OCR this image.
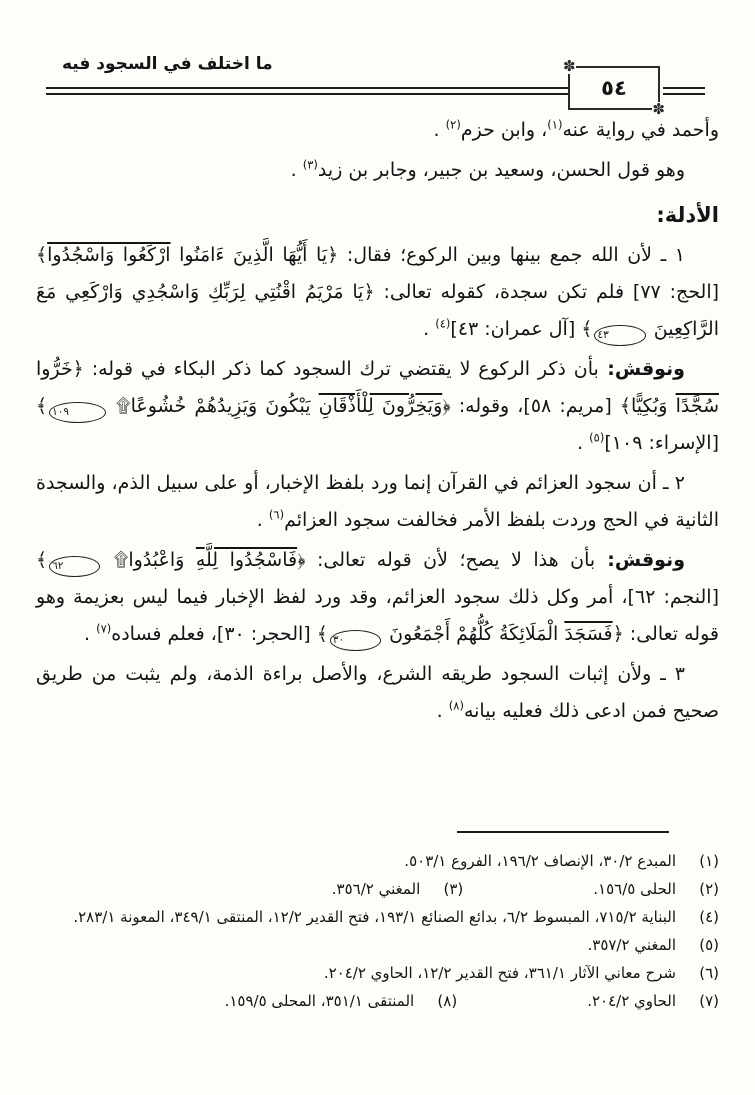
ما اختلف في السجود فيه	✽
٥٤
✽

وأحمد في رواية عنه$^{(١)}$، وابن حزم$^{(٢)}$ .

وهو قول الحسن، وسعيد بن جبير، وجابر بن زيد$^{(٣)}$ .

الأدلة:

١ ـ لأن الله جمع بينها وبين الركوع؛ فقال: ﴿يَا أَيُّهَا الَّذِينَ ءَامَنُوا ارْكَعُوا وَاسْجُدُوا﴾ [الحج: ٧٧] فلم تكن سجدة، كقوله تعالى: ﴿يَا مَرْيَمُ اقْنُتِي لِرَبِّكِ وَاسْجُدِي وَارْكَعِي مَعَ الرَّاكِعِينَ ٤٣﴾ [آل عمران: ٤٣]$^{(٤)}$ .

ونوقش: بأن ذكر الركوع لا يقتضي ترك السجود كما ذكر البكاء في قوله: ﴿خَرُّوا سُجَّدًا وَبُكِيًّا﴾ [مريم: ٥٨]، وقوله: ﴿وَيَخِرُّونَ لِلْأَذْقَانِ يَبْكُونَ وَيَزِيدُهُمْ خُشُوعًا۩ ١٠٩﴾ [الإسراء: ١٠٩]$^{(٥)}$ .

٢ ـ أن سجود العزائم في القرآن إنما ورد بلفظ الإخبار، أو على سبيل الذم، والسجدة الثانية في الحج وردت بلفظ الأمر فخالفت سجود العزائم$^{(٦)}$ .

ونوقش: بأن هذا لا يصح؛ لأن قوله تعالى: ﴿فَاسْجُدُوا لِلَّهِ وَاعْبُدُوا۩ ٦٢﴾ [النجم: ٦٢]، أمر وكل ذلك سجود العزائم، وقد ورد لفظ الإخبار فيما ليس بعزيمة وهو قوله تعالى: ﴿فَسَجَدَ الْمَلَائِكَةُ كُلُّهُمْ أَجْمَعُونَ ٣٠﴾ [الحجر: ٣٠]، فعلم فساده$^{(٧)}$ .

٣ ـ ولأن إثبات السجود طريقه الشرع، والأصل براءة الذمة، ولم يثبت من طريق صحيح فمن ادعى ذلك فعليه بيانه$^{(٨)}$ .

(١)
المبدع ٣٠/٢، الإنصاف ١٩٦/٢، الفروع ٥٠٣/١.
(٢)
الحلى ١٥٦/٥.
(٣)
المغني ٣٥٦/٢.
(٤)
البناية ٧١٥/٢، المبسوط ٦/٢، بدائع الصنائع ١٩٣/١، فتح القدير ١٢/٢، المنتقى ٣٤٩/١، المعونة ٢٨٣/١.
(٥)
المغني ٣٥٧/٢.
(٦)
شرح معاني الآثار ٣٦١/١، فتح القدير ١٢/٢، الحاوي ٢٠٤/٢.
(٧)
الحاوي ٢٠٤/٢.
(٨)
المنتقى ٣٥١/١، المحلى ١٥٩/٥.
